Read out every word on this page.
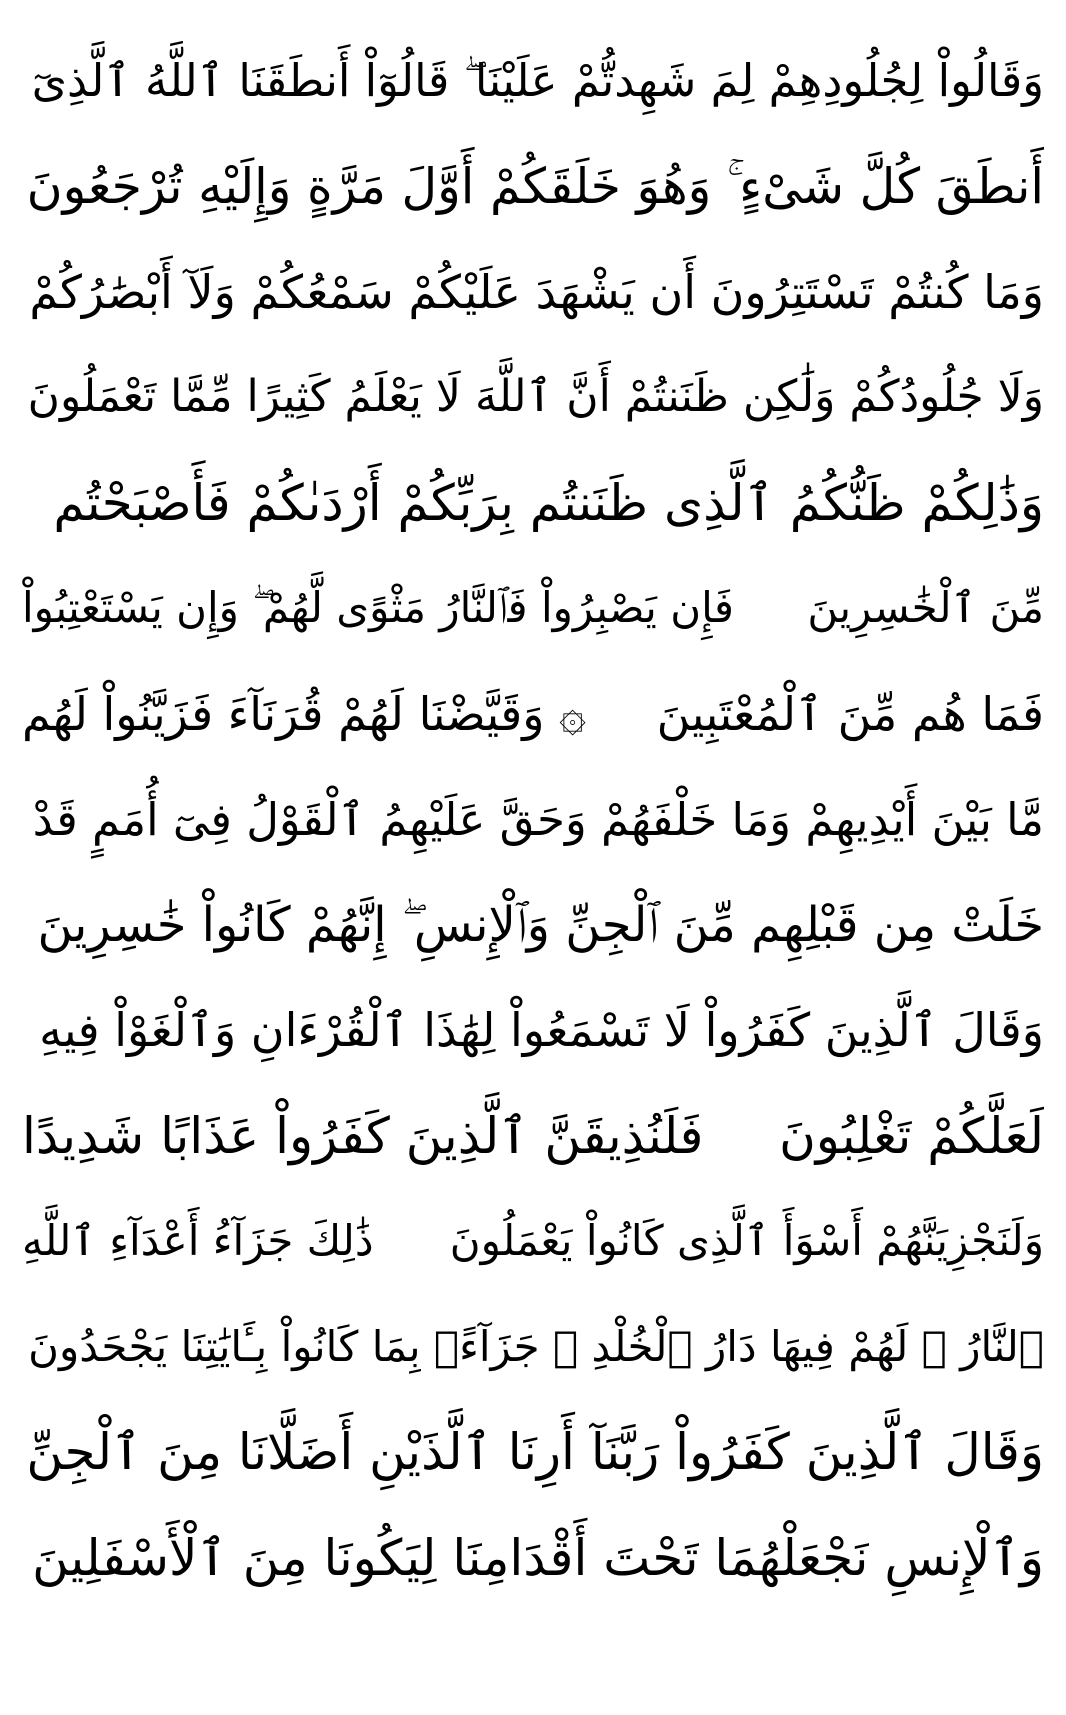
وَقَالُواْ لِجُلُودِهِمْ لِمَ شَهِدتُّمْ عَلَيْنَا ۖ قَالُوٓاْ أَنطَقَنَا ٱللَّهُ ٱلَّذِىٓ
أَنطَقَ كُلَّ شَىْءٍ ۚ وَهُوَ خَلَقَكُمْ أَوَّلَ مَرَّةٍ وَإِلَيْهِ تُرْجَعُونَ
وَمَا كُنتُمْ تَسْتَتِرُونَ أَن يَشْهَدَ عَلَيْكُمْ سَمْعُكُمْ وَلَآ أَبْصَٰرُكُمْ
وَلَا جُلُودُكُمْ وَلَٰكِن ظَنَنتُمْ أَنَّ ٱللَّهَ لَا يَعْلَمُ كَثِيرًا مِّمَّا تَعْمَلُونَ
وَذَٰلِكُمْ ظَنُّكُمُ ٱلَّذِى ظَنَنتُم بِرَبِّكُمْ أَرْدَىٰكُمْ فَأَصْبَحْتُم
مِّنَ ٱلْخَٰسِرِينَ
فَإِن يَصْبِرُواْ فَٱلنَّارُ مَثْوًى لَّهُمْ ۖ وَإِن يَسْتَعْتِبُواْ
فَمَا هُم مِّنَ ٱلْمُعْتَبِينَ
۞ وَقَيَّضْنَا لَهُمْ قُرَنَآءَ فَزَيَّنُواْ لَهُم
مَّا بَيْنَ أَيْدِيهِمْ وَمَا خَلْفَهُمْ وَحَقَّ عَلَيْهِمُ ٱلْقَوْلُ فِىٓ أُمَمٍ قَدْ
خَلَتْ مِن قَبْلِهِم مِّنَ ٱلْجِنِّ وَٱلْإِنسِ ۖ إِنَّهُمْ كَانُواْ خَٰسِرِينَ
وَقَالَ ٱلَّذِينَ كَفَرُواْ لَا تَسْمَعُواْ لِهَٰذَا ٱلْقُرْءَانِ وَٱلْغَوْاْ فِيهِ
لَعَلَّكُمْ تَغْلِبُونَ
فَلَنُذِيقَنَّ ٱلَّذِينَ كَفَرُواْ عَذَابًا شَدِيدًا
وَلَنَجْزِيَنَّهُمْ أَسْوَأَ ٱلَّذِى كَانُواْ يَعْمَلُونَ
ذَٰلِكَ جَزَآءُ أَعْدَآءِ ٱللَّهِ
ٱلنَّارُ ۖ لَهُمْ فِيهَا دَارُ ٱلْخُلْدِ ۖ جَزَآءًۢ بِمَا كَانُواْ بِـَٔايَٰتِنَا يَجْحَدُونَ
وَقَالَ ٱلَّذِينَ كَفَرُواْ رَبَّنَآ أَرِنَا ٱلَّذَيْنِ أَضَلَّانَا مِنَ ٱلْجِنِّ
وَٱلْإِنسِ نَجْعَلْهُمَا تَحْتَ أَقْدَامِنَا لِيَكُونَا مِنَ ٱلْأَسْفَلِينَ
